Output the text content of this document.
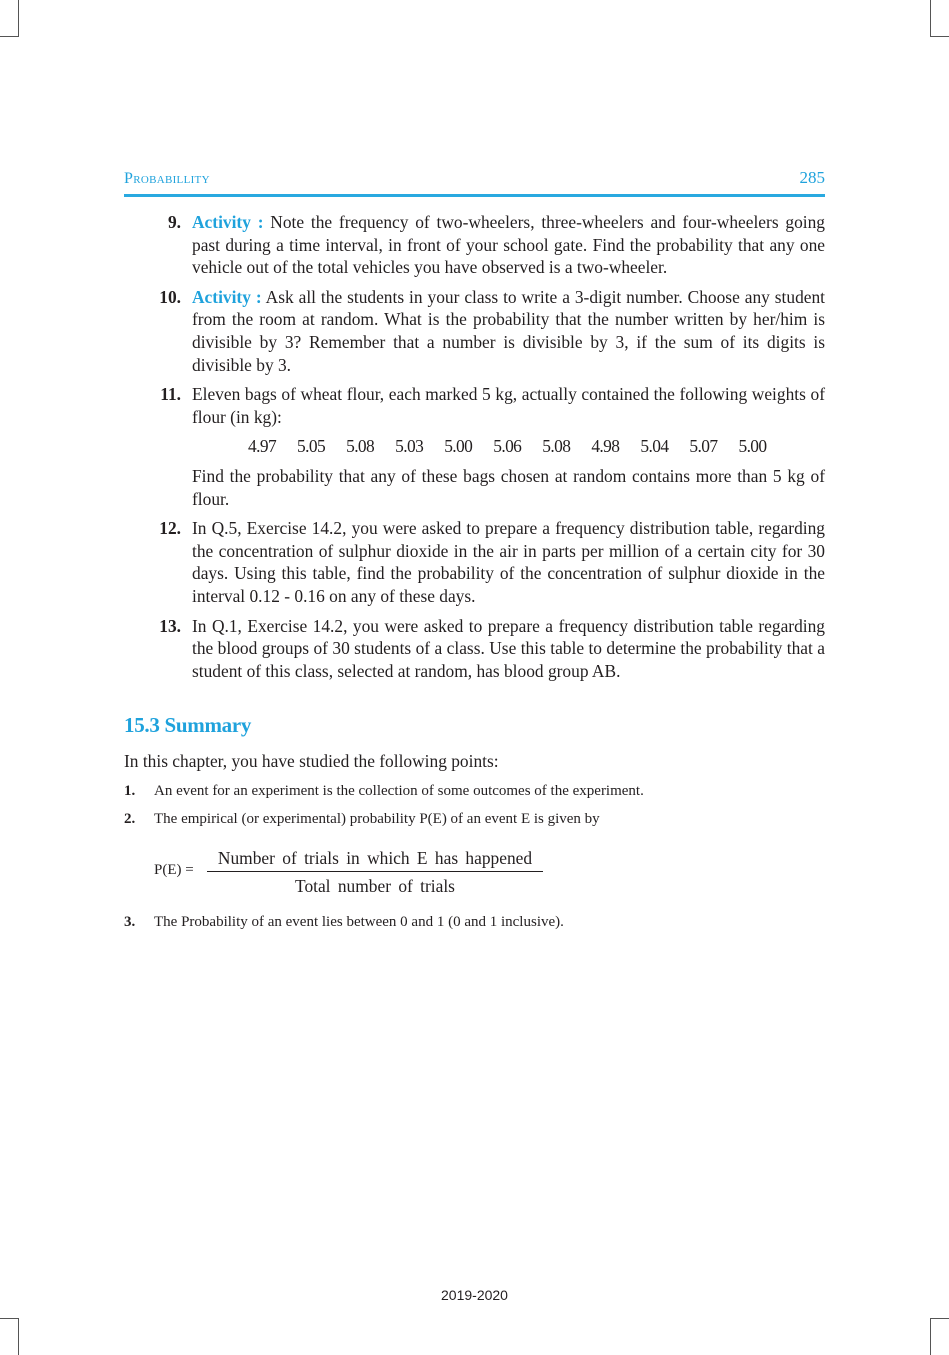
Probabillity	285
9. Activity : Note the frequency of two-wheelers, three-wheelers and four-wheelers going past during a time interval, in front of your school gate. Find the probability that any one vehicle out of the total vehicles you have observed is a two-wheeler.
10. Activity : Ask all the students in your class to write a 3-digit number. Choose any student from the room at random. What is the probability that the number written by her/him is divisible by 3? Remember that a number is divisible by 3, if the sum of its digits is divisible by 3.
11. Eleven bags of wheat flour, each marked 5 kg, actually contained the following weights of flour (in kg):
4.97 5.05 5.08 5.03 5.00 5.06 5.08 4.98 5.04 5.07 5.00
Find the probability that any of these bags chosen at random contains more than 5 kg of flour.
12. In Q.5, Exercise 14.2, you were asked to prepare a frequency distribution table, regarding the concentration of sulphur dioxide in the air in parts per million of a certain city for 30 days. Using this table, find the probability of the concentration of sulphur dioxide in the interval 0.12 - 0.16 on any of these days.
13. In Q.1, Exercise 14.2, you were asked to prepare a frequency distribution table regarding the blood groups of 30 students of a class. Use this table to determine the probability that a student of this class, selected at random, has blood group AB.
15.3 Summary

In this chapter, you have studied the following points:

1. An event for an experiment is the collection of some outcomes of the experiment.
2. The empirical (or experimental) probability P(E) of an event E is given by
P(E) =
Number of trials in which E has happened
Total number of trials
3. The Probability of an event lies between 0 and 1 (0 and 1 inclusive).
2019-2020
